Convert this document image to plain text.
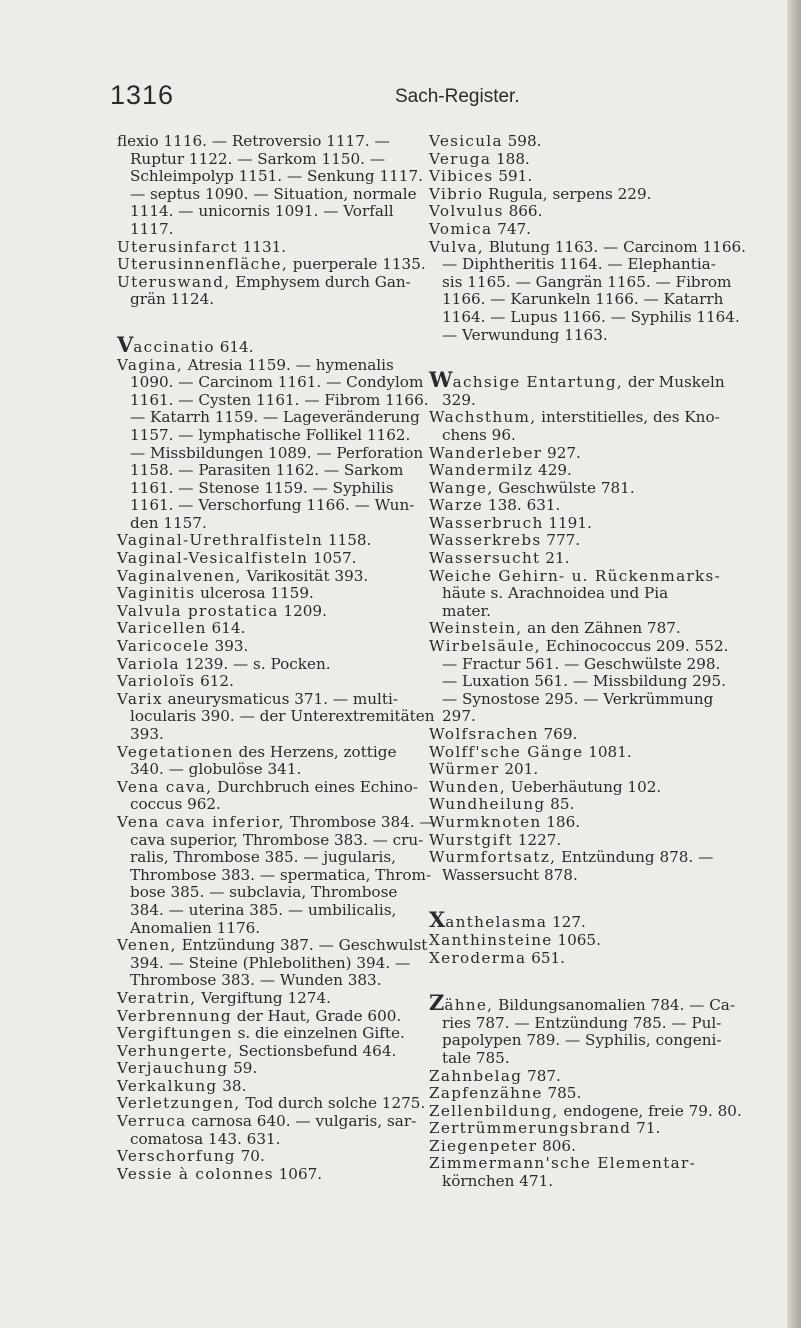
1316	Sach-Register.

flexio 1116. — Retroversio 1117. —
Ruptur 1122. — Sarkom 1150. —
Schleimpolyp 1151. — Senkung 1117.
— septus 1090. — Situation, normale
1114. — unicornis 1091. — Vorfall
1117.

Uterusinfarct 1131.

Uterusinnenfläche, puerperale 1135.

Uteruswand, Emphysem durch Gan-
grän 1124.

Vaccinatio 614.

Vagina, Atresia 1159. — hymenalis
1090. — Carcinom 1161. — Condylom
1161. — Cysten 1161. — Fibrom 1166.
— Katarrh 1159. — Lageveränderung
1157. — lymphatische Follikel 1162.
— Missbildungen 1089. — Perforation
1158. — Parasiten 1162. — Sarkom
1161. — Stenose 1159. — Syphilis
1161. — Verschorfung 1166. — Wun-
den 1157.

Vaginal-Urethralfisteln 1158.

Vaginal-Vesicalfisteln 1057.

Vaginalvenen, Varikosität 393.

Vaginitis ulcerosa 1159.

Valvula prostatica 1209.

Varicellen 614.

Varicocele 393.

Variola 1239. — s. Pocken.

Varioloïs 612.

Varix aneurysmaticus 371. — multi-
locularis 390. — der Unterextremitäten
393.

Vegetationen des Herzens, zottige
340. — globulöse 341.

Vena cava, Durchbruch eines Echino-
coccus 962.

Vena cava inferior, Thrombose 384. —
cava superior, Thrombose 383. — cru-
ralis, Thrombose 385. — jugularis,
Thrombose 383. — spermatica, Throm-
bose 385. — subclavia, Thrombose
384. — uterina 385. — umbilicalis,
Anomalien 1176.

Venen, Entzündung 387. — Geschwulst
394. — Steine (Phlebolithen) 394. —
Thrombose 383. — Wunden 383.

Veratrin, Vergiftung 1274.

Verbrennung der Haut, Grade 600.

Vergiftungen s. die einzelnen Gifte.

Verhungerte, Sectionsbefund 464.

Verjauchung 59.

Verkalkung 38.

Verletzungen, Tod durch solche 1275.

Verruca carnosa 640. — vulgaris, sar-
comatosa 143. 631.

Verschorfung 70.

Vessie à colonnes 1067.

Vesicula 598.

Veruga 188.

Vibices 591.

Vibrio Rugula, serpens 229.

Volvulus 866.

Vomica 747.

Vulva, Blutung 1163. — Carcinom 1166.
— Diphtheritis 1164. — Elephantia-
sis 1165. — Gangrän 1165. — Fibrom
1166. — Karunkeln 1166. — Katarrh
1164. — Lupus 1166. — Syphilis 1164.
— Verwundung 1163.

Wachsige Entartung, der Muskeln
329.

Wachsthum, interstitielles, des Kno-
chens 96.

Wanderleber 927.

Wandermilz 429.

Wange, Geschwülste 781.

Warze 138. 631.

Wasserbruch 1191.

Wasserkrebs 777.

Wassersucht 21.

Weiche Gehirn- u. Rückenmarks-
häute s. Arachnoidea und Pia
mater.

Weinstein, an den Zähnen 787.

Wirbelsäule, Echinococcus 209. 552.
— Fractur 561. — Geschwülste 298.
— Luxation 561. — Missbildung 295.
— Synostose 295. — Verkrümmung
297.

Wolfsrachen 769.

Wolff'sche Gänge 1081.

Würmer 201.

Wunden, Ueberhäutung 102.

Wundheilung 85.

Wurmknoten 186.

Wurstgift 1227.

Wurmfortsatz, Entzündung 878. —
Wassersucht 878.

Xanthelasma 127.

Xanthinsteine 1065.

Xeroderma 651.

Zähne, Bildungsanomalien 784. — Ca-
ries 787. — Entzündung 785. — Pul-
papolypen 789. — Syphilis, congeni-
tale 785.

Zahnbelag 787.

Zapfenzähne 785.

Zellenbildung, endogene, freie 79. 80.

Zertrümmerungsbrand 71.

Ziegenpeter 806.

Zimmermann'sche Elementar-
körnchen 471.
